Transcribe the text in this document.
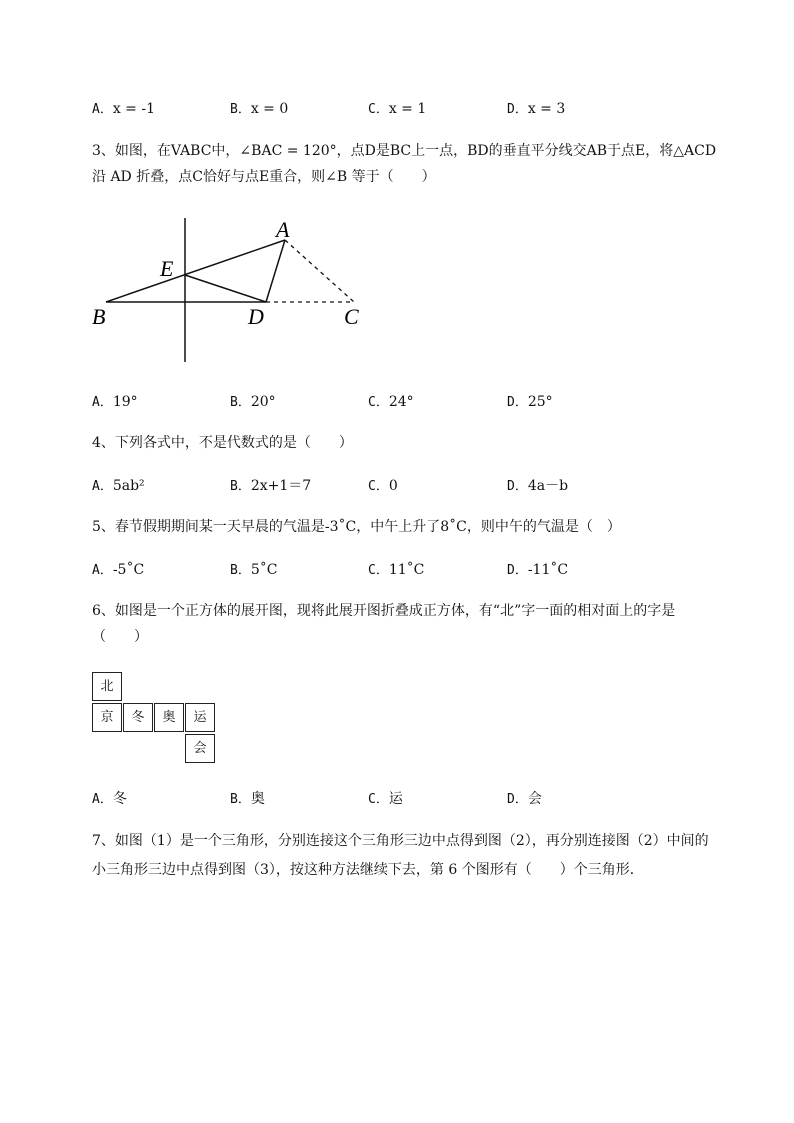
A．x = -1	B．x = 0	C．x = 1	D．x = 3
3、如图，在VABC中，∠BAC = 120°，点D是BC上一点，BD的垂直平分线交AB于点E，将△ACD
沿 AD 折叠，点C恰好与点E重合，则∠B 等于（　　）
A
E
B	D	C
A．19°	B．20°	C．24°	D．25°
4、下列各式中，不是代数式的是（　　）
A．5ab²	B．2x+1＝7	C．0	D．4a－b
5、春节假期期间某一天早晨的气温是-3˚C，中午上升了8˚C，则中午的气温是（　）
A．-5˚C	B．5˚C	C．11˚C	D．-11˚C
6、如图是一个正方体的展开图，现将此展开图折叠成正方体，有“北”字一面的相对面上的字是
（　　）
北
京	冬	奥	运
会
A．冬	B．奥	C．运	D．会
7、如图（1）是一个三角形，分别连接这个三角形三边中点得到图（2），再分别连接图（2）中间的
小三角形三边中点得到图（3），按这种方法继续下去，第 6 个图形有（　　）个三角形．
